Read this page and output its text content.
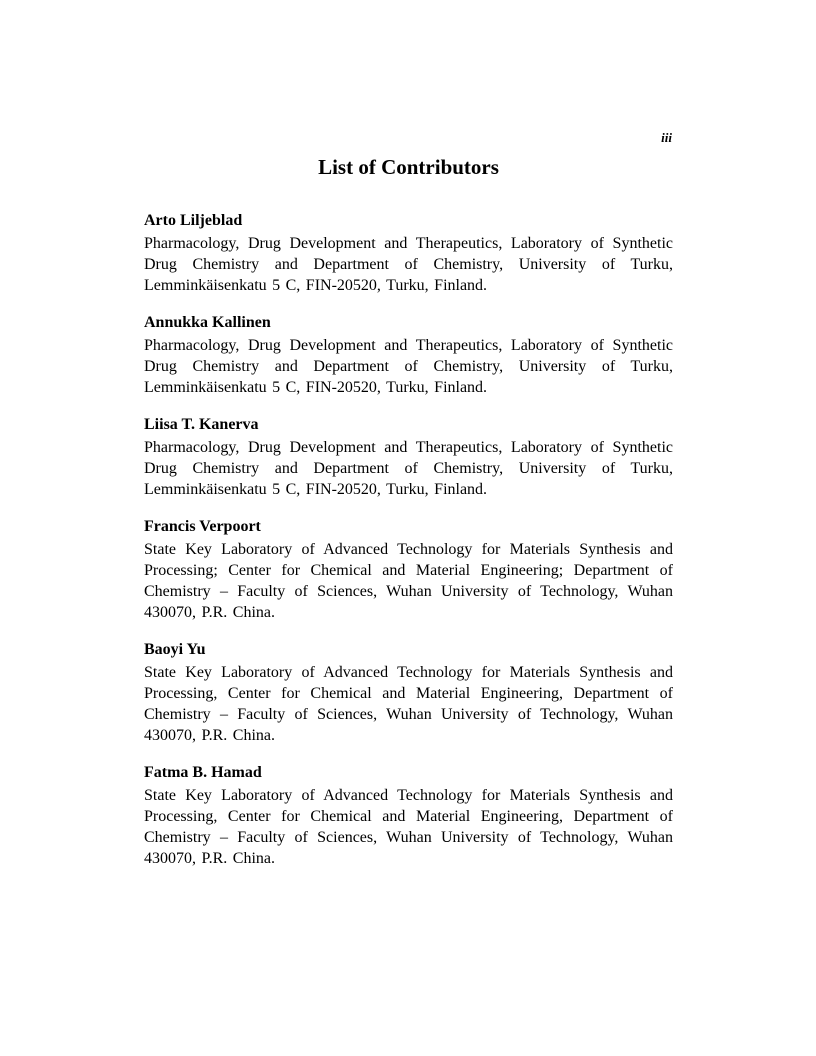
iii
List of Contributors
Arto Liljeblad

Pharmacology, Drug Development and Therapeutics, Laboratory of Synthetic Drug Chemistry and Department of Chemistry, University of Turku, Lemminkäisenkatu 5 C, FIN-20520, Turku, Finland.

Annukka Kallinen

Pharmacology, Drug Development and Therapeutics, Laboratory of Synthetic Drug Chemistry and Department of Chemistry, University of Turku, Lemminkäisenkatu 5 C, FIN-20520, Turku, Finland.

Liisa T. Kanerva

Pharmacology, Drug Development and Therapeutics, Laboratory of Synthetic Drug Chemistry and Department of Chemistry, University of Turku, Lemminkäisenkatu 5 C, FIN-20520, Turku, Finland.

Francis Verpoort

State Key Laboratory of Advanced Technology for Materials Synthesis and Processing; Center for Chemical and Material Engineering; Department of Chemistry – Faculty of Sciences, Wuhan University of Technology, Wuhan 430070, P.R. China.

Baoyi Yu

State Key Laboratory of Advanced Technology for Materials Synthesis and Processing, Center for Chemical and Material Engineering, Department of Chemistry – Faculty of Sciences, Wuhan University of Technology, Wuhan 430070, P.R. China.

Fatma B. Hamad

State Key Laboratory of Advanced Technology for Materials Synthesis and Processing, Center for Chemical and Material Engineering, Department of Chemistry – Faculty of Sciences, Wuhan University of Technology, Wuhan 430070, P.R. China.
